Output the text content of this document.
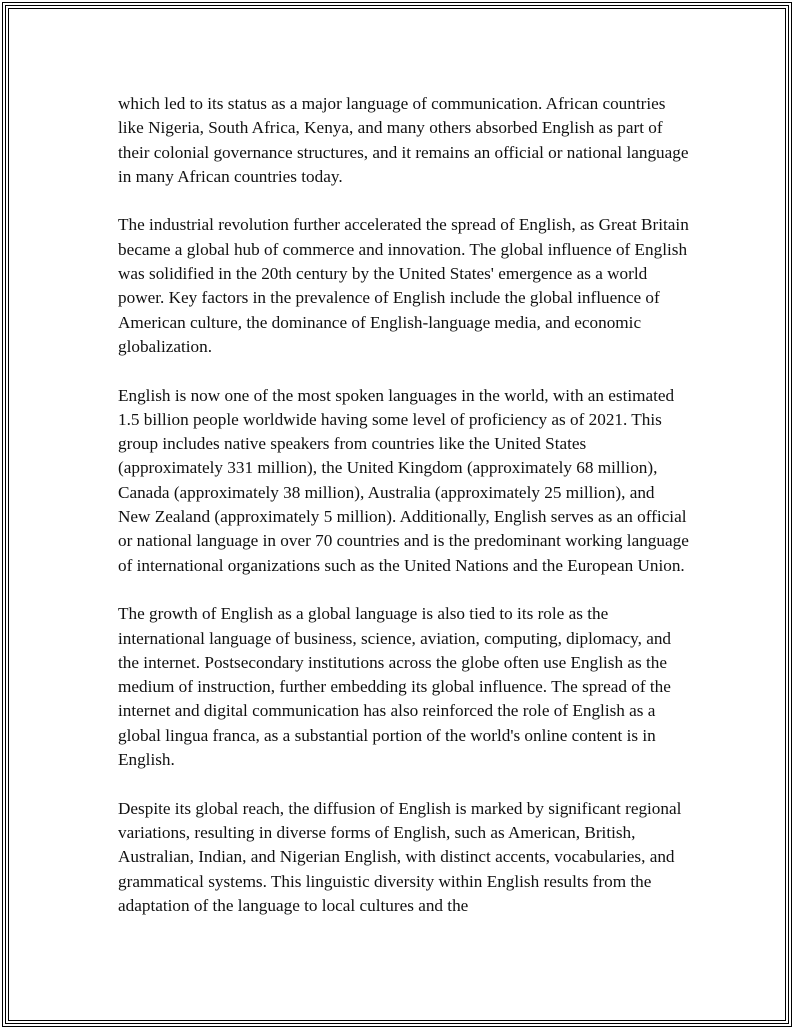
which led to its status as a major language of communication. African countries like Nigeria, South Africa, Kenya, and many others absorbed English as part of their colonial governance structures, and it remains an official or national language in many African countries today.

The industrial revolution further accelerated the spread of English, as Great Britain became a global hub of commerce and innovation. The global influence of English was solidified in the 20th century by the United States' emergence as a world power. Key factors in the prevalence of English include the global influence of American culture, the dominance of English-language media, and economic globalization.

English is now one of the most spoken languages in the world, with an estimated 1.5 billion people worldwide having some level of proficiency as of 2021. This group includes native speakers from countries like the United States (approximately 331 million), the United Kingdom (approximately 68 million), Canada (approximately 38 million), Australia (approximately 25 million), and New Zealand (approximately 5 million). Additionally, English serves as an official or national language in over 70 countries and is the predominant working language of international organizations such as the United Nations and the European Union.

The growth of English as a global language is also tied to its role as the international language of business, science, aviation, computing, diplomacy, and the internet. Postsecondary institutions across the globe often use English as the medium of instruction, further embedding its global influence. The spread of the internet and digital communication has also reinforced the role of English as a global lingua franca, as a substantial portion of the world's online content is in English.

Despite its global reach, the diffusion of English is marked by significant regional variations, resulting in diverse forms of English, such as American, British, Australian, Indian, and Nigerian English, with distinct accents, vocabularies, and grammatical systems. This linguistic diversity within English results from the adaptation of the language to local cultures and the
